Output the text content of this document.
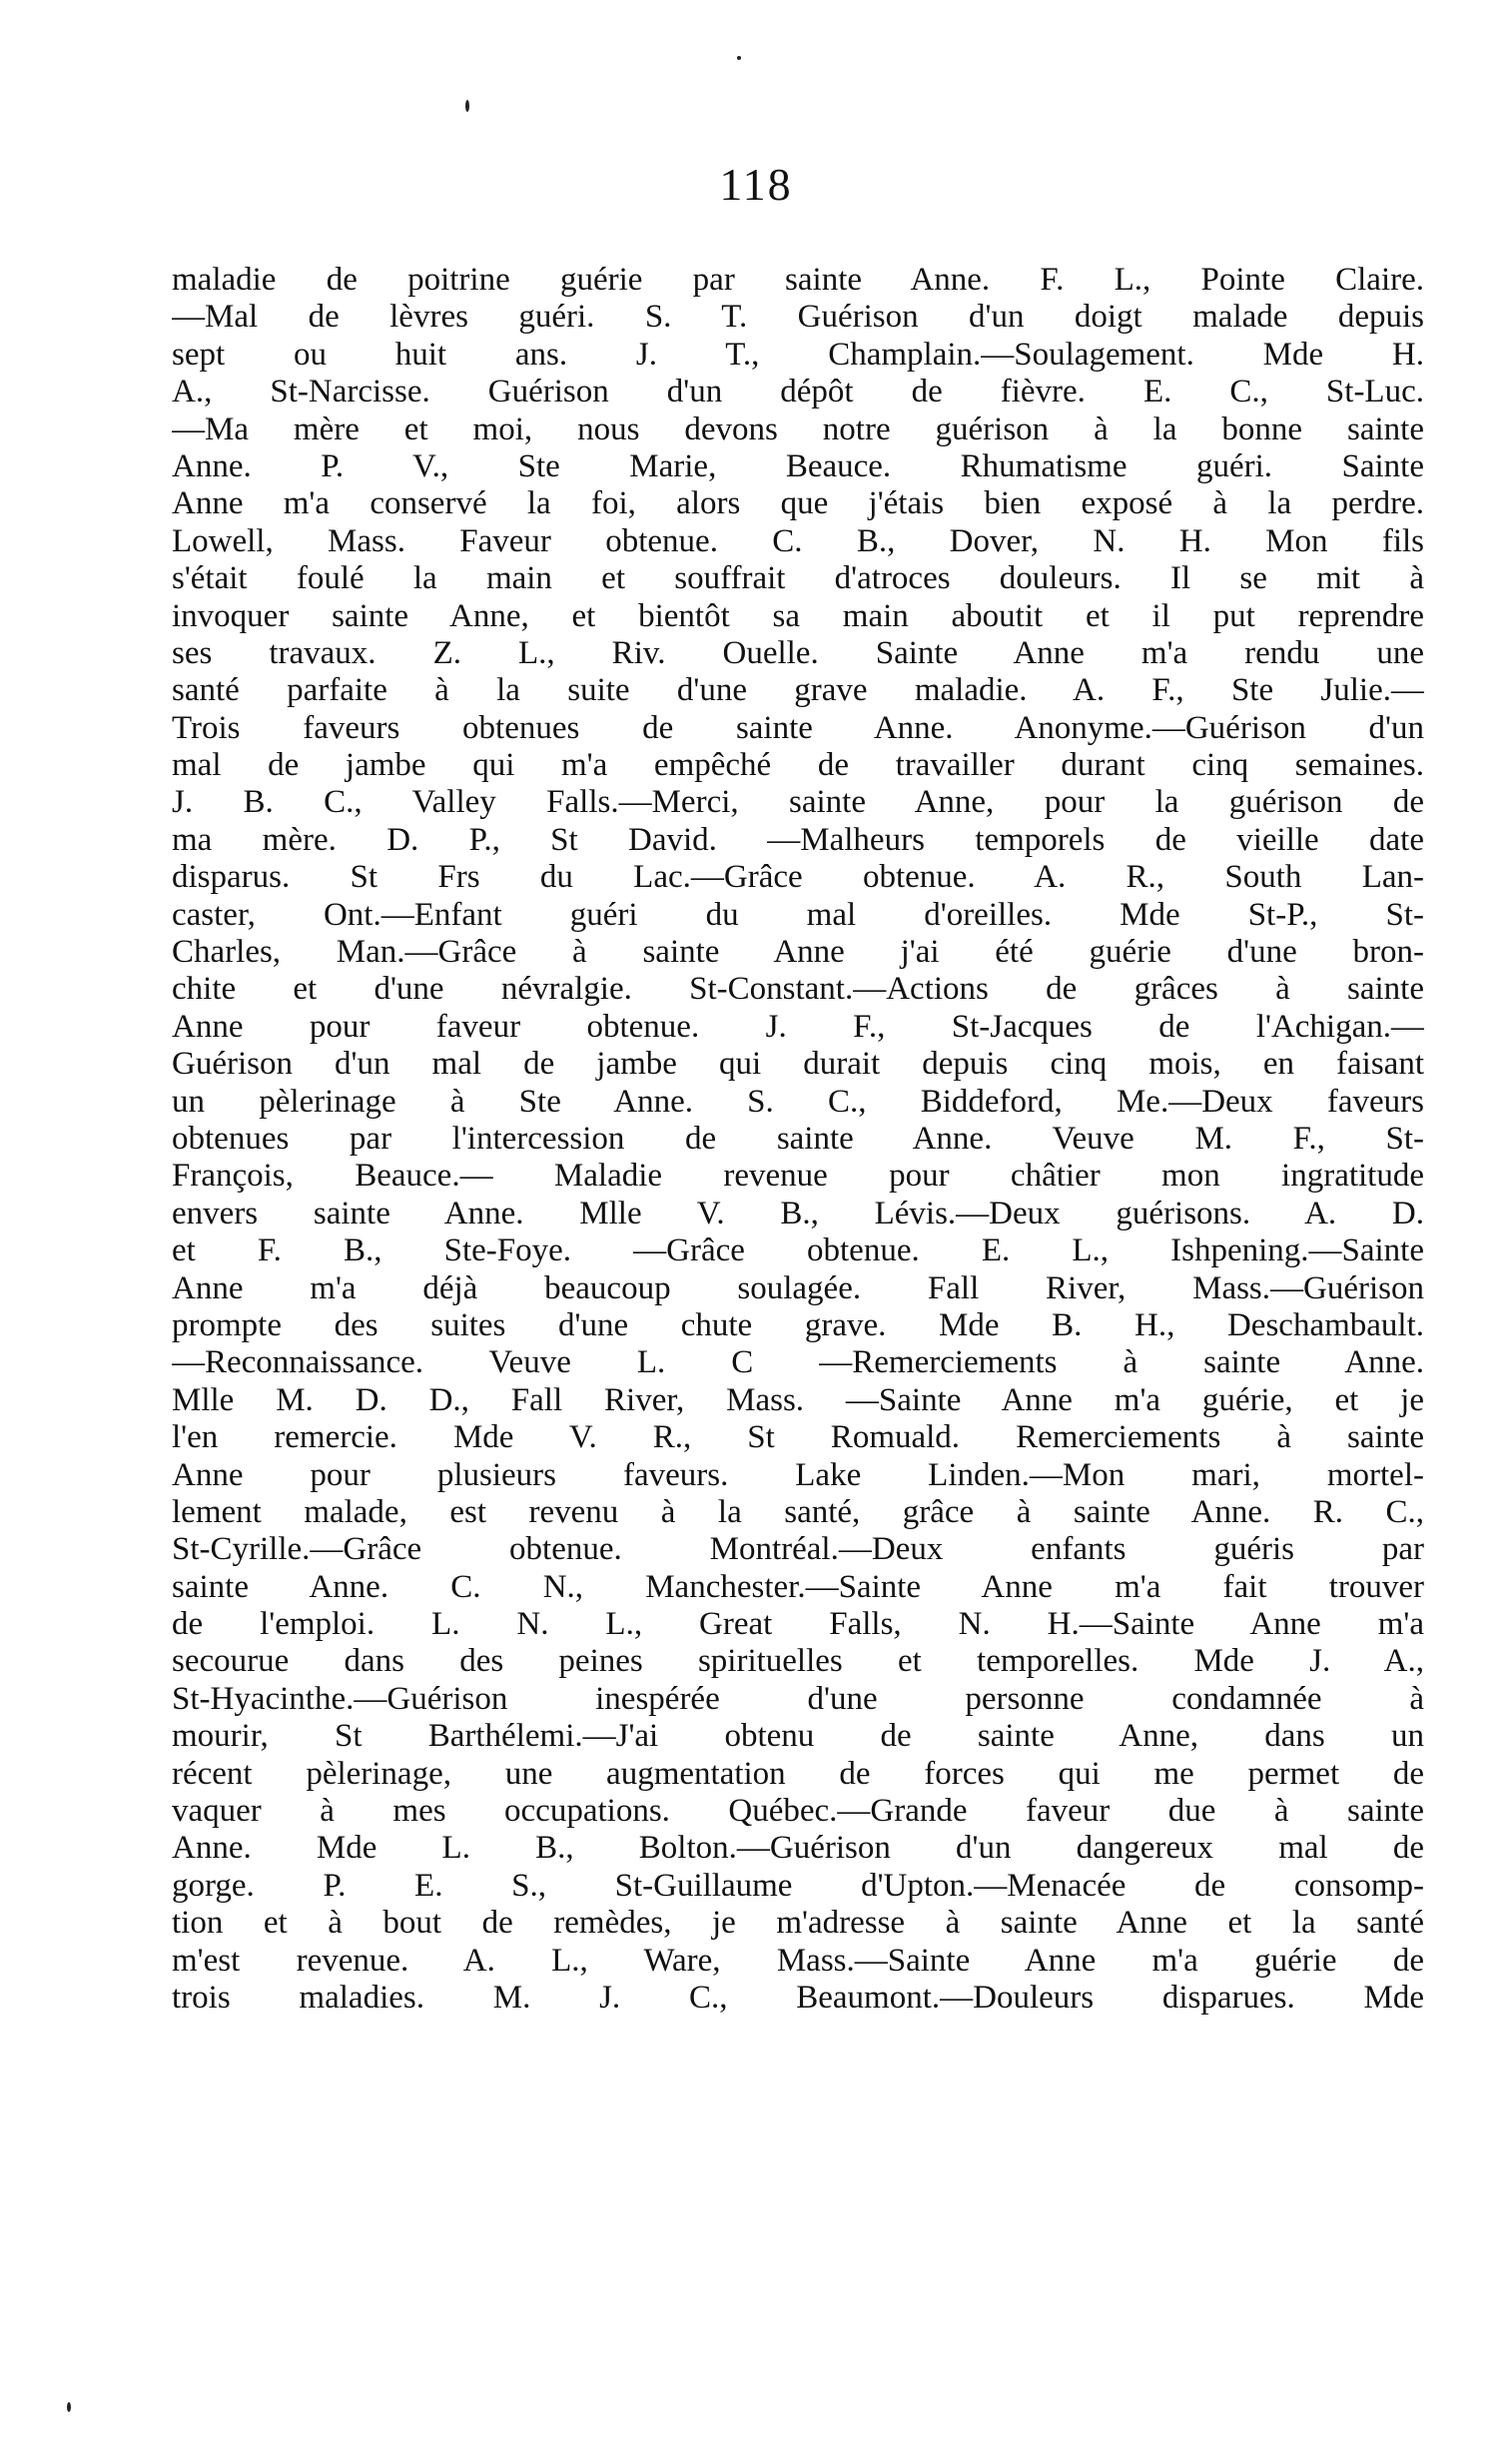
118
maladie de poitrine guérie par sainte Anne. F. L., Pointe Claire.
—Mal de lèvres guéri. S. T. Guérison d'un doigt malade depuis
sept ou huit ans. J. T., Champlain.—Soulagement. Mde H.
A., St-Narcisse. Guérison d'un dépôt de fièvre. E. C., St-Luc.
—Ma mère et moi, nous devons notre guérison à la bonne sainte
Anne. P. V., Ste Marie, Beauce. Rhumatisme guéri. Sainte
Anne m'a conservé la foi, alors que j'étais bien exposé à la perdre.
Lowell, Mass. Faveur obtenue. C. B., Dover, N. H. Mon fils
s'était foulé la main et souffrait d'atroces douleurs. Il se mit à
invoquer sainte Anne, et bientôt sa main aboutit et il put reprendre
ses travaux. Z. L., Riv. Ouelle. Sainte Anne m'a rendu une
santé parfaite à la suite d'une grave maladie. A. F., Ste Julie.—
Trois faveurs obtenues de sainte Anne. Anonyme.—Guérison d'un
mal de jambe qui m'a empêché de travailler durant cinq semaines.
J. B. C., Valley Falls.—Merci, sainte Anne, pour la guérison de
ma mère. D. P., St David. —Malheurs temporels de vieille date
disparus. St Frs du Lac.—Grâce obtenue. A. R., South Lan-
caster, Ont.—Enfant guéri du mal d'oreilles. Mde St-P., St-
Charles, Man.—Grâce à sainte Anne j'ai été guérie d'une bron-
chite et d'une névralgie. St-Constant.—Actions de grâces à sainte
Anne pour faveur obtenue. J. F., St-Jacques de l'Achigan.—
Guérison d'un mal de jambe qui durait depuis cinq mois, en faisant
un pèlerinage à Ste Anne. S. C., Biddeford, Me.—Deux faveurs
obtenues par l'intercession de sainte Anne. Veuve M. F., St-
François, Beauce.— Maladie revenue pour châtier mon ingratitude
envers sainte Anne. Mlle V. B., Lévis.—Deux guérisons. A. D.
et F. B., Ste-Foye. —Grâce obtenue. E. L., Ishpening.—Sainte
Anne m'a déjà beaucoup soulagée. Fall River, Mass.—Guérison
prompte des suites d'une chute grave. Mde B. H., Deschambault.
—Reconnaissance. Veuve L. C —Remerciements à sainte Anne.
Mlle M. D. D., Fall River, Mass. —Sainte Anne m'a guérie, et je
l'en remercie. Mde V. R., St Romuald. Remerciements à sainte
Anne pour plusieurs faveurs. Lake Linden.—Mon mari, mortel-
lement malade, est revenu à la santé, grâce à sainte Anne. R. C.,
St-Cyrille.—Grâce obtenue. Montréal.—Deux enfants guéris par
sainte Anne. C. N., Manchester.—Sainte Anne m'a fait trouver
de l'emploi. L. N. L., Great Falls, N. H.—Sainte Anne m'a
secourue dans des peines spirituelles et temporelles. Mde J. A.,
St-Hyacinthe.—Guérison inespérée d'une personne condamnée à
mourir, St Barthélemi.—J'ai obtenu de sainte Anne, dans un
récent pèlerinage, une augmentation de forces qui me permet de
vaquer à mes occupations. Québec.—Grande faveur due à sainte
Anne. Mde L. B., Bolton.—Guérison d'un dangereux mal de
gorge. P. E. S., St-Guillaume d'Upton.—Menacée de consomp-
tion et à bout de remèdes, je m'adresse à sainte Anne et la santé
m'est revenue. A. L., Ware, Mass.—Sainte Anne m'a guérie de
trois maladies. M. J. C., Beaumont.—Douleurs disparues. Mde
